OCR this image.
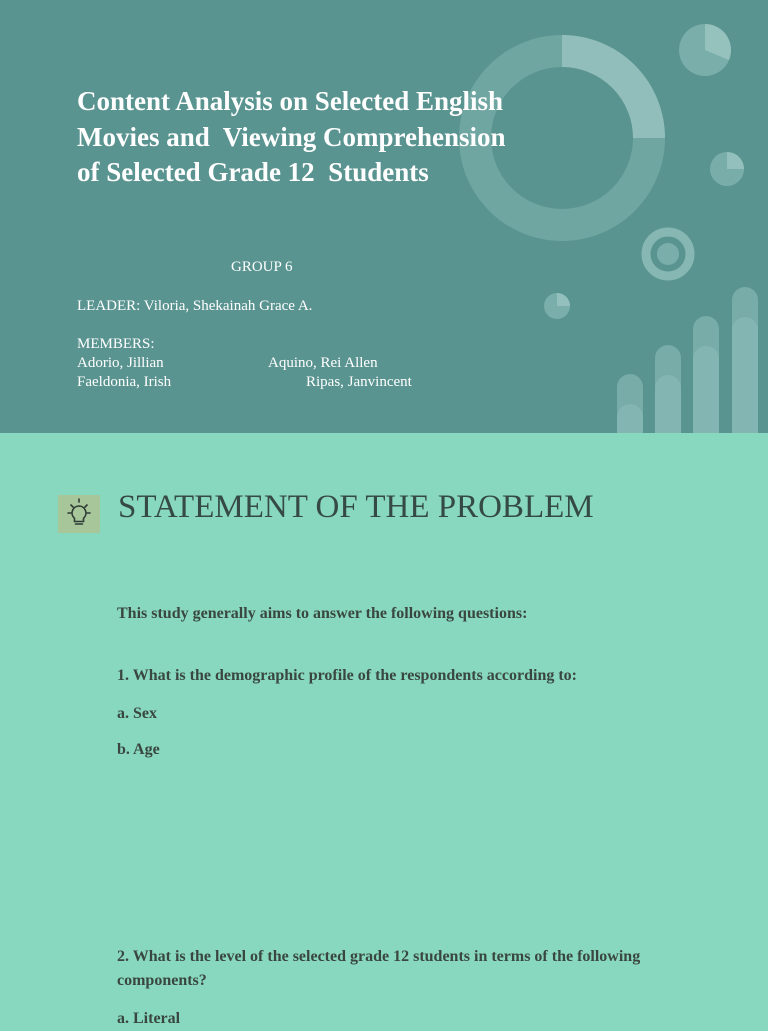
Content Analysis on Selected English
Movies and  Viewing Comprehension
of Selected Grade 12  Students
GROUP 6
LEADER: Viloria, Shekainah Grace A.
MEMBERS:
Adorio, Jillian	Aquino, Rei Allen
Faeldonia, Irish	Ripas, Janvincent
STATEMENT OF THE PROBLEM
This study generally aims to answer the following questions:
1. What is the demographic profile of the respondents according to:
a. Sex
b. Age
2. What is the level of the selected grade 12 students in terms of the following components?
a. Literal
